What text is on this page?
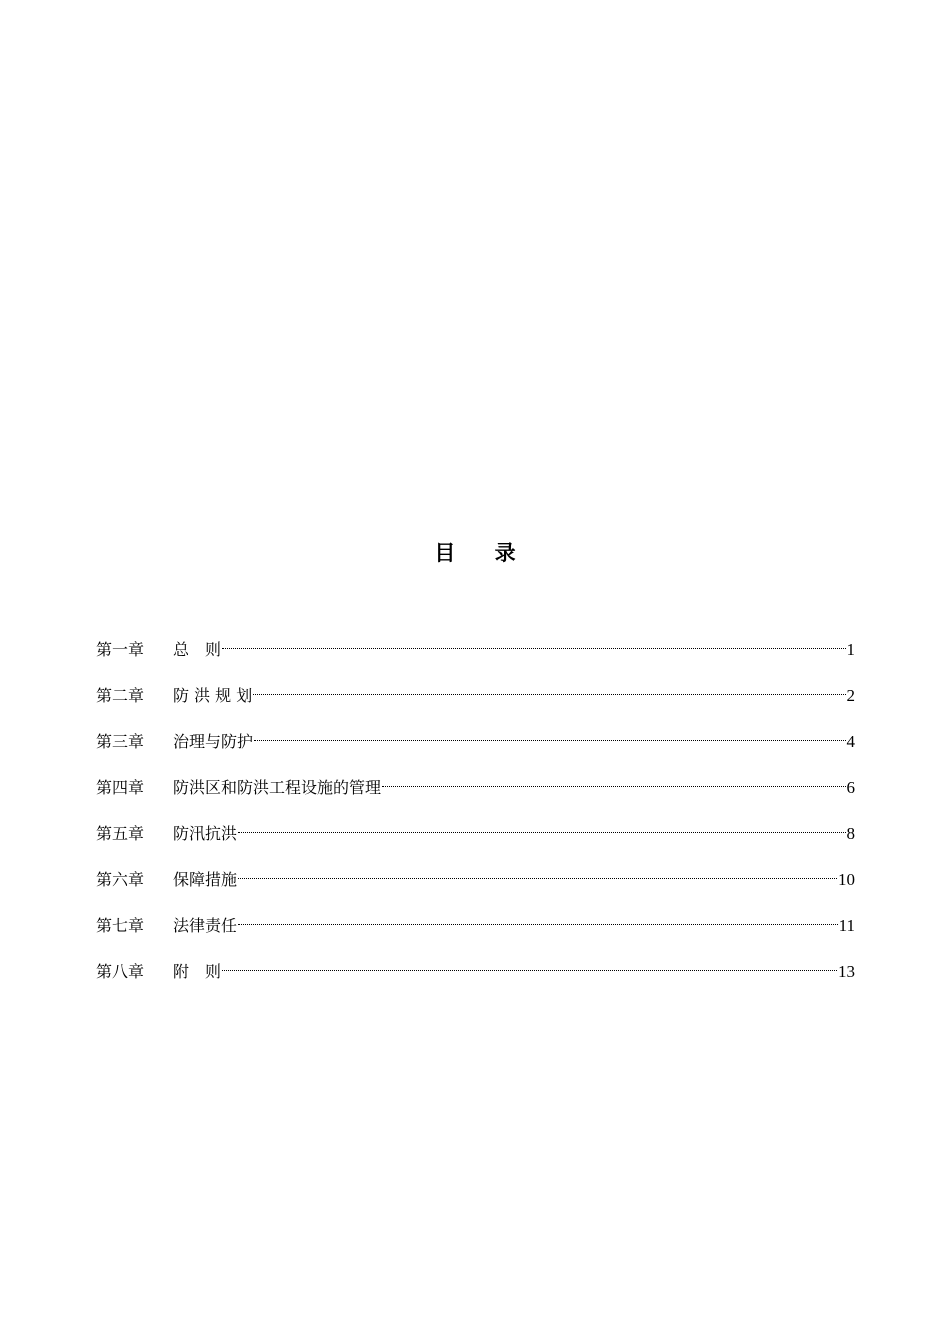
目 录
第一章	总　则	1
第二章	防 洪 规 划	2
第三章	治理与防护	4
第四章	防洪区和防洪工程设施的管理	6
第五章	防汛抗洪	8
第六章	保障措施	10
第七章	法律责任	11
第八章	附　则	13
